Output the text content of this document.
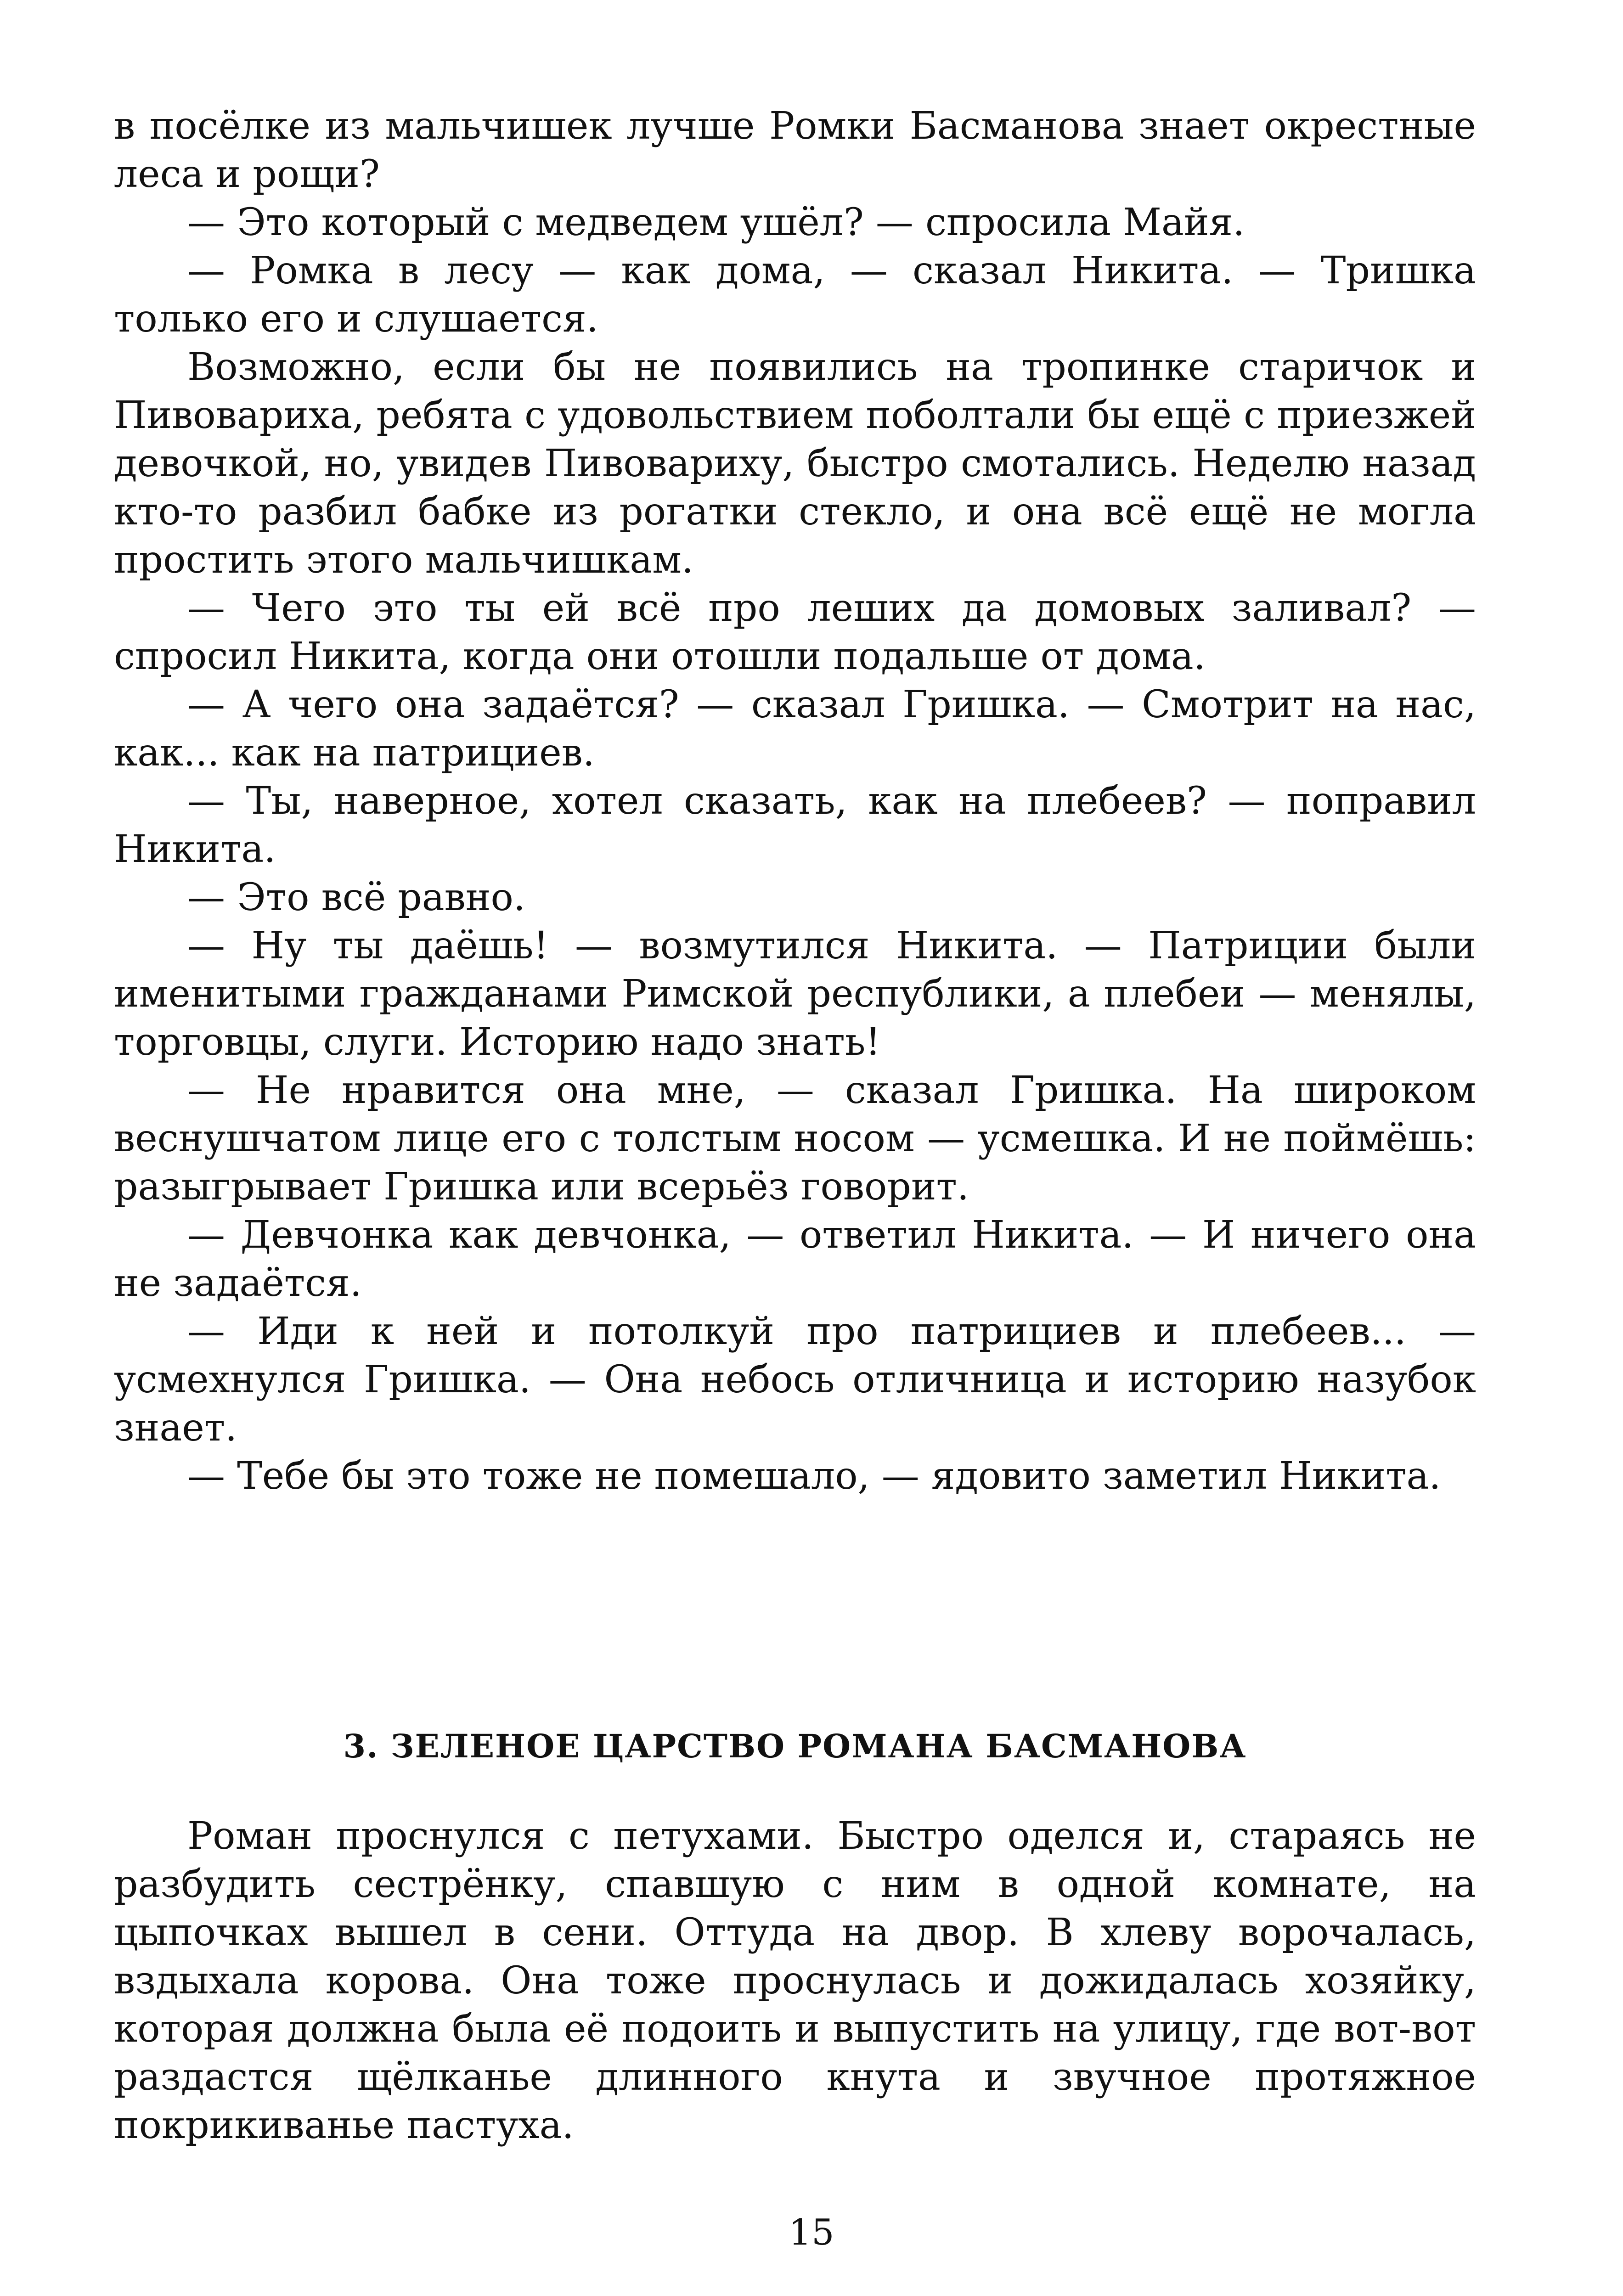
в посёлке из мальчишек лучше Ромки Басманова знает окрестные леса и рощи?

— Это который с медведем ушёл? — спросила Майя.

— Ромка в лесу — как дома, — сказал Никита. — Тришка только его и слушается.

Возможно, если бы не появились на тропинке старичок и Пивовариха, ребята с удовольствием поболтали бы ещё с приезжей девочкой, но, увидев Пивовариху, быстро смотались. Неделю назад кто-то разбил бабке из рогатки стекло, и она всё ещё не могла простить этого мальчишкам.

— Чего это ты ей всё про леших да домовых заливал? — спросил Никита, когда они отошли подальше от дома.

— А чего она задаётся? — сказал Гришка. — Смотрит на нас, как... как на патрициев.

— Ты, наверное, хотел сказать, как на плебеев? — поправил Никита.

— Это всё равно.

— Ну ты даёшь! — возмутился Никита. — Патриции были именитыми гражданами Римской республики, а плебеи — менялы, торговцы, слуги. Историю надо знать!

— Не нравится она мне, — сказал Гришка. На широком веснушчатом лице его с толстым носом — усмешка. И не поймёшь: разыгрывает Гришка или всерьёз говорит.

— Девчонка как девчонка, — ответил Никита. — И ничего она не задаётся.

— Иди к ней и потолкуй про патрициев и плебеев... — усмехнулся Гришка. — Она небось отличница и историю назубок знает.

— Тебе бы это тоже не помешало, — ядовито заметил Никита.

3. ЗЕЛЕНОЕ ЦАРСТВО РОМАНА БАСМАНОВА

Роман проснулся с петухами. Быстро оделся и, стараясь не разбудить сестрёнку, спавшую с ним в одной комнате, на цыпочках вышел в сени. Оттуда на двор. В хлеву ворочалась, вздыхала корова. Она тоже проснулась и дожидалась хозяйку, которая должна была её подоить и выпустить на улицу, где вот-вот раздастся щёлканье длинного кнута и звучное протяжное покрикиванье пастуха.

15
